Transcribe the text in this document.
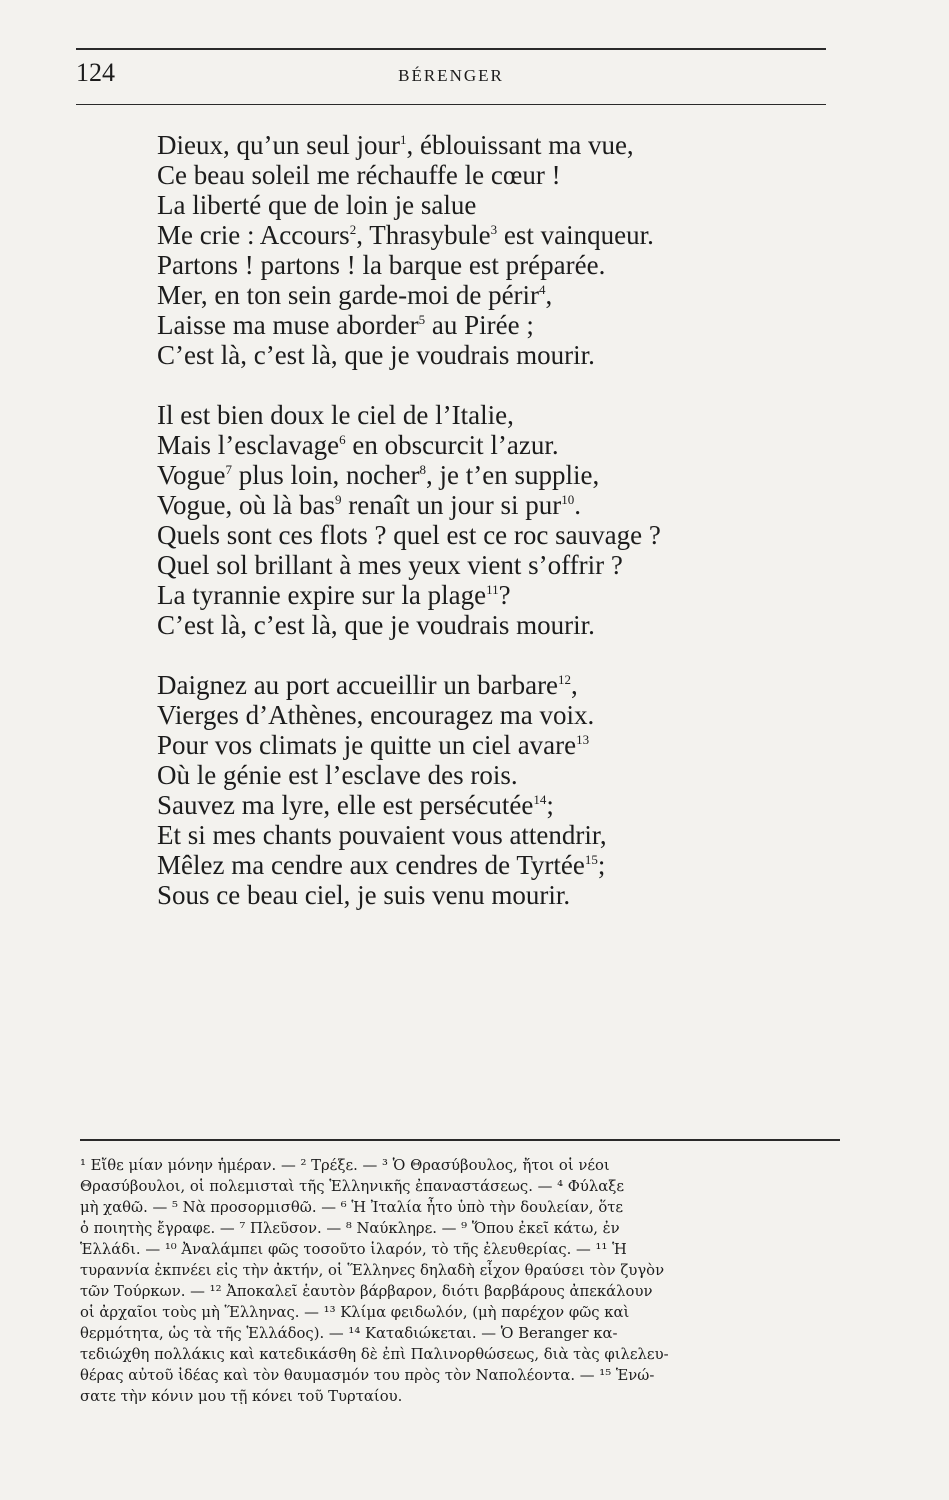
124	BÉRENGER
Dieux, qu’un seul jour$^1$, éblouissant ma vue,
Ce beau soleil me réchauffe le cœur !
La liberté que de loin je salue
Me crie : Accours$^2$, Thrasybule$^3$ est vainqueur.
Partons ! partons ! la barque est préparée.
Mer, en ton sein garde-moi de périr$^4$,
Laisse ma muse aborder$^5$ au Pirée ;
C’est là, c’est là, que je voudrais mourir.
Il est bien doux le ciel de l’Italie,
Mais l’esclavage$^6$ en obscurcit l’azur.
Vogue$^7$ plus loin, nocher$^8$, je t’en supplie,
Vogue, où là bas$^9$ renaît un jour si pur$^{10}$.
Quels sont ces flots ? quel est ce roc sauvage ?
Quel sol brillant à mes yeux vient s’offrir ?
La tyrannie expire sur la plage$^{11}$?
C’est là, c’est là, que je voudrais mourir.
Daignez au port accueillir un barbare$^{12}$,
Vierges d’Athènes, encouragez ma voix.
Pour vos climats je quitte un ciel avare$^{13}$
Où le génie est l’esclave des rois.
Sauvez ma lyre, elle est persécutée$^{14}$;
Et si mes chants pouvaient vous attendrir,
Mêlez ma cendre aux cendres de Tyrtée$^{15}$;
Sous ce beau ciel, je suis venu mourir.
¹ Εἴθε μίαν μόνην ἡμέραν. — ² Τρέξε. — ³ Ὁ Θρασύβουλος, ἤτοι οἱ νέοι
Θρασύβουλοι, οἱ πολεμισταὶ τῆς Ἑλληνικῆς ἐπαναστάσεως. — ⁴ Φύλαξε
μὴ χαθῶ. — ⁵ Νὰ προσορμισθῶ. — ⁶ Ἡ Ἰταλία ἦτο ὑπὸ τὴν δουλείαν, ὅτε
ὁ ποιητὴς ἔγραφε. — ⁷ Πλεῦσον. — ⁸ Ναύκληρε. — ⁹ Ὅπου ἐκεῖ κάτω, ἐν
Ἑλλάδι. — ¹⁰ Ἀναλάμπει φῶς τοσοῦτο ἱλαρόν, τὸ τῆς ἐλευθερίας. — ¹¹ Ἡ
τυραννία ἐκπνέει εἰς τὴν ἀκτήν, οἱ Ἕλληνες δηλαδὴ εἶχον θραύσει τὸν ζυγὸν
τῶν Τούρκων. — ¹² Ἀποκαλεῖ ἑαυτὸν βάρβαρον, διότι βαρβάρους ἀπεκάλουν
οἱ ἀρχαῖοι τοὺς μὴ Ἕλληνας. — ¹³ Κλίμα φειδωλόν, (μὴ παρέχον φῶς καὶ
θερμότητα, ὡς τὰ τῆς Ἑλλάδος). — ¹⁴ Καταδιώκεται. — Ὁ Beranger κα-
τεδιώχθη πολλάκις καὶ κατεδικάσθη δὲ ἐπὶ Παλινορθώσεως, διὰ τὰς φιλελευ-
θέρας αὐτοῦ ἰδέας καὶ τὸν θαυμασμόν του πρὸς τὸν Ναπολέοντα. — ¹⁵ Ἑνώ-
σατε τὴν κόνιν μου τῇ κόνει τοῦ Τυρταίου.
